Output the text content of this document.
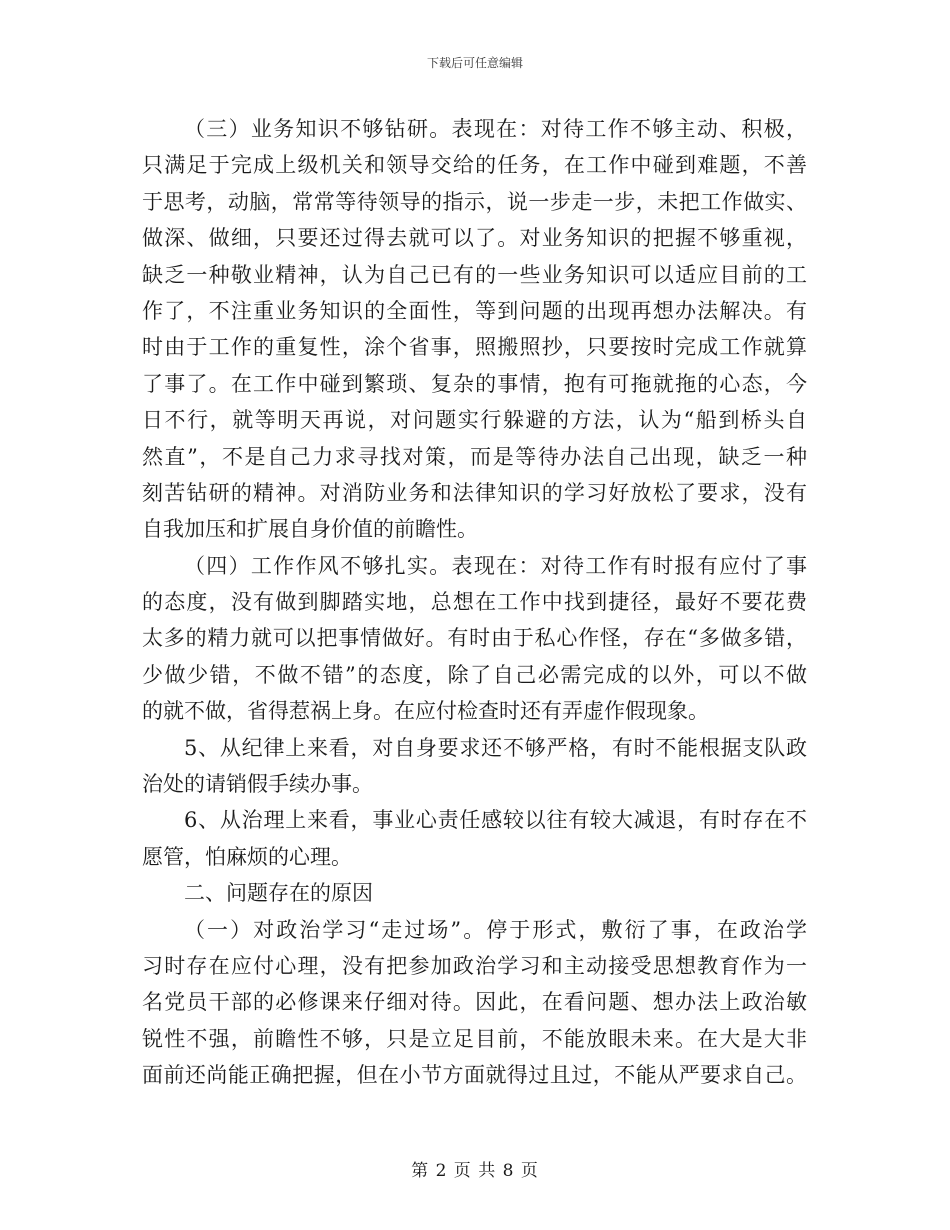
下载后可任意编辑
（三）业务知识不够钻研。表现在：对待工作不够主动、积极，
只满足于完成上级机关和领导交给的任务，在工作中碰到难题，不善
于思考，动脑，常常等待领导的指示，说一步走一步，未把工作做实、
做深、做细，只要还过得去就可以了。对业务知识的把握不够重视，
缺乏一种敬业精神，认为自己已有的一些业务知识可以适应目前的工
作了，不注重业务知识的全面性，等到问题的出现再想办法解决。有
时由于工作的重复性，涂个省事，照搬照抄，只要按时完成工作就算
了事了。在工作中碰到繁琐、复杂的事情，抱有可拖就拖的心态，今
日不行，就等明天再说，对问题实行躲避的方法，认为“船到桥头自
然直”，不是自己力求寻找对策，而是等待办法自己出现，缺乏一种
刻苦钻研的精神。对消防业务和法律知识的学习好放松了要求，没有
自我加压和扩展自身价值的前瞻性。
（四）工作作风不够扎实。表现在：对待工作有时报有应付了事
的态度，没有做到脚踏实地，总想在工作中找到捷径，最好不要花费
太多的精力就可以把事情做好。有时由于私心作怪，存在“多做多错，
少做少错，不做不错”的态度，除了自己必需完成的以外，可以不做
的就不做，省得惹祸上身。在应付检查时还有弄虚作假现象。
5、从纪律上来看，对自身要求还不够严格，有时不能根据支队政
治处的请销假手续办事。
6、从治理上来看，事业心责任感较以往有较大减退，有时存在不
愿管，怕麻烦的心理。
二、问题存在的原因
（一）对政治学习“走过场”。停于形式，敷衍了事，在政治学
习时存在应付心理，没有把参加政治学习和主动接受思想教育作为一
名党员干部的必修课来仔细对待。因此，在看问题、想办法上政治敏
锐性不强，前瞻性不够，只是立足目前，不能放眼未来。在大是大非
面前还尚能正确把握，但在小节方面就得过且过，不能从严要求自己。
第 2 页 共 8 页
